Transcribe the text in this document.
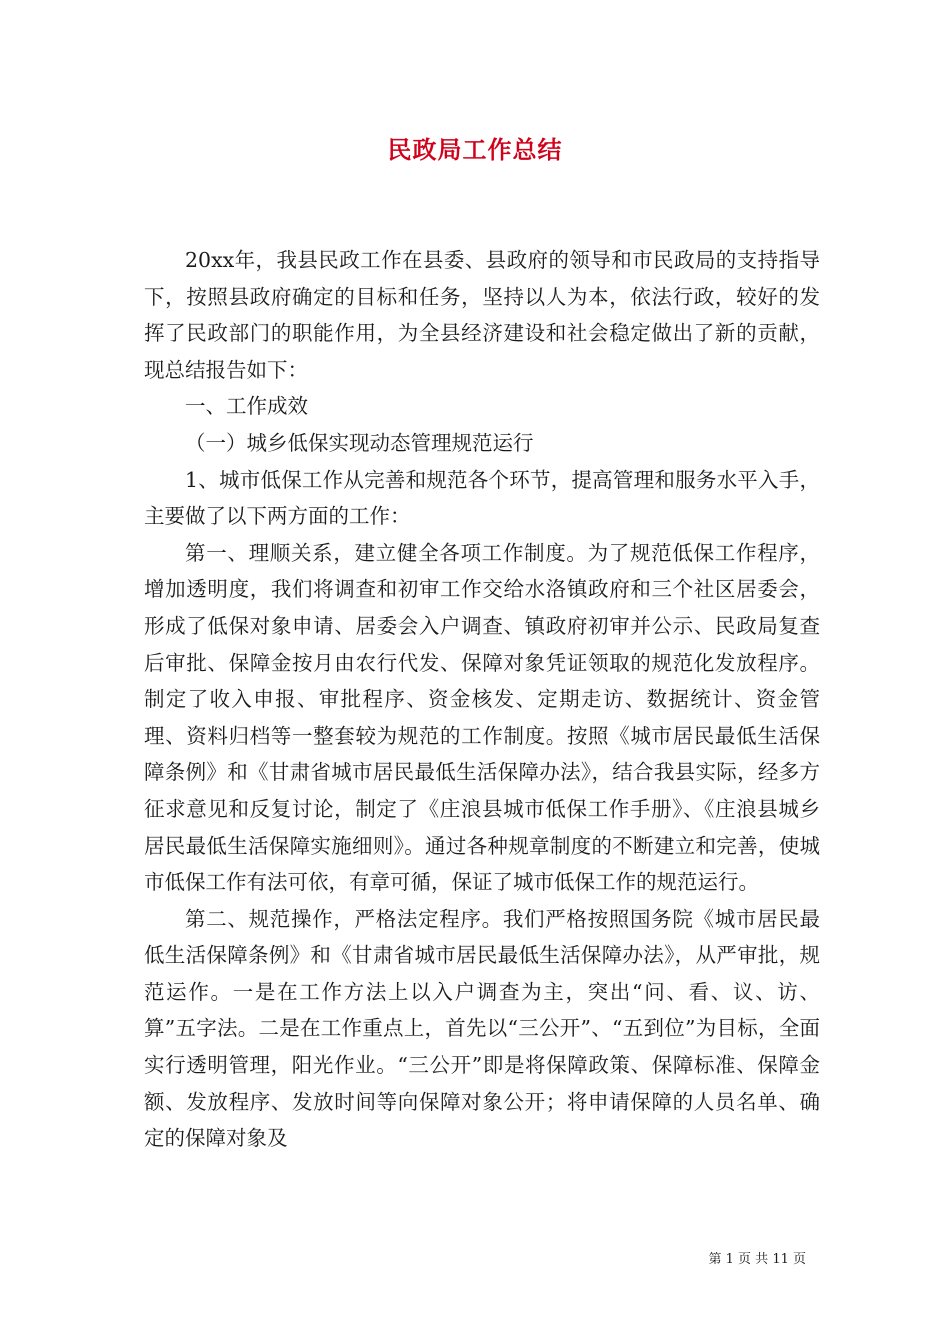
民政局工作总结

20xx年，我县民政工作在县委、县政府的领导和市民政局的支持指导下，按照县政府确定的目标和任务，坚持以人为本，依法行政，较好的发挥了民政部门的职能作用，为全县经济建设和社会稳定做出了新的贡献，现总结报告如下：

一、工作成效

（一）城乡低保实现动态管理规范运行

1、城市低保工作从完善和规范各个环节，提高管理和服务水平入手，主要做了以下两方面的工作：

第一、理顺关系，建立健全各项工作制度。为了规范低保工作程序，增加透明度，我们将调查和初审工作交给水洛镇政府和三个社区居委会，形成了低保对象申请、居委会入户调查、镇政府初审并公示、民政局复查后审批、保障金按月由农行代发、保障对象凭证领取的规范化发放程序。制定了收入申报、审批程序、资金核发、定期走访、数据统计、资金管理、资料归档等一整套较为规范的工作制度。按照《城市居民最低生活保障条例》和《甘肃省城市居民最低生活保障办法》，结合我县实际，经多方征求意见和反复讨论，制定了《庄浪县城市低保工作手册》、《庄浪县城乡居民最低生活保障实施细则》。通过各种规章制度的不断建立和完善，使城市低保工作有法可依，有章可循，保证了城市低保工作的规范运行。

第二、规范操作，严格法定程序。我们严格按照国务院《城市居民最低生活保障条例》和《甘肃省城市居民最低生活保障办法》，从严审批，规范运作。一是在工作方法上以入户调查为主，突出“问、看、议、访、算”五字法。二是在工作重点上，首先以“三公开”、“五到位”为目标，全面实行透明管理，阳光作业。“三公开”即是将保障政策、保障标准、保障金额、发放程序、发放时间等向保障对象公开；将申请保障的人员名单、确定的保障对象及

第 1 页 共 11 页
